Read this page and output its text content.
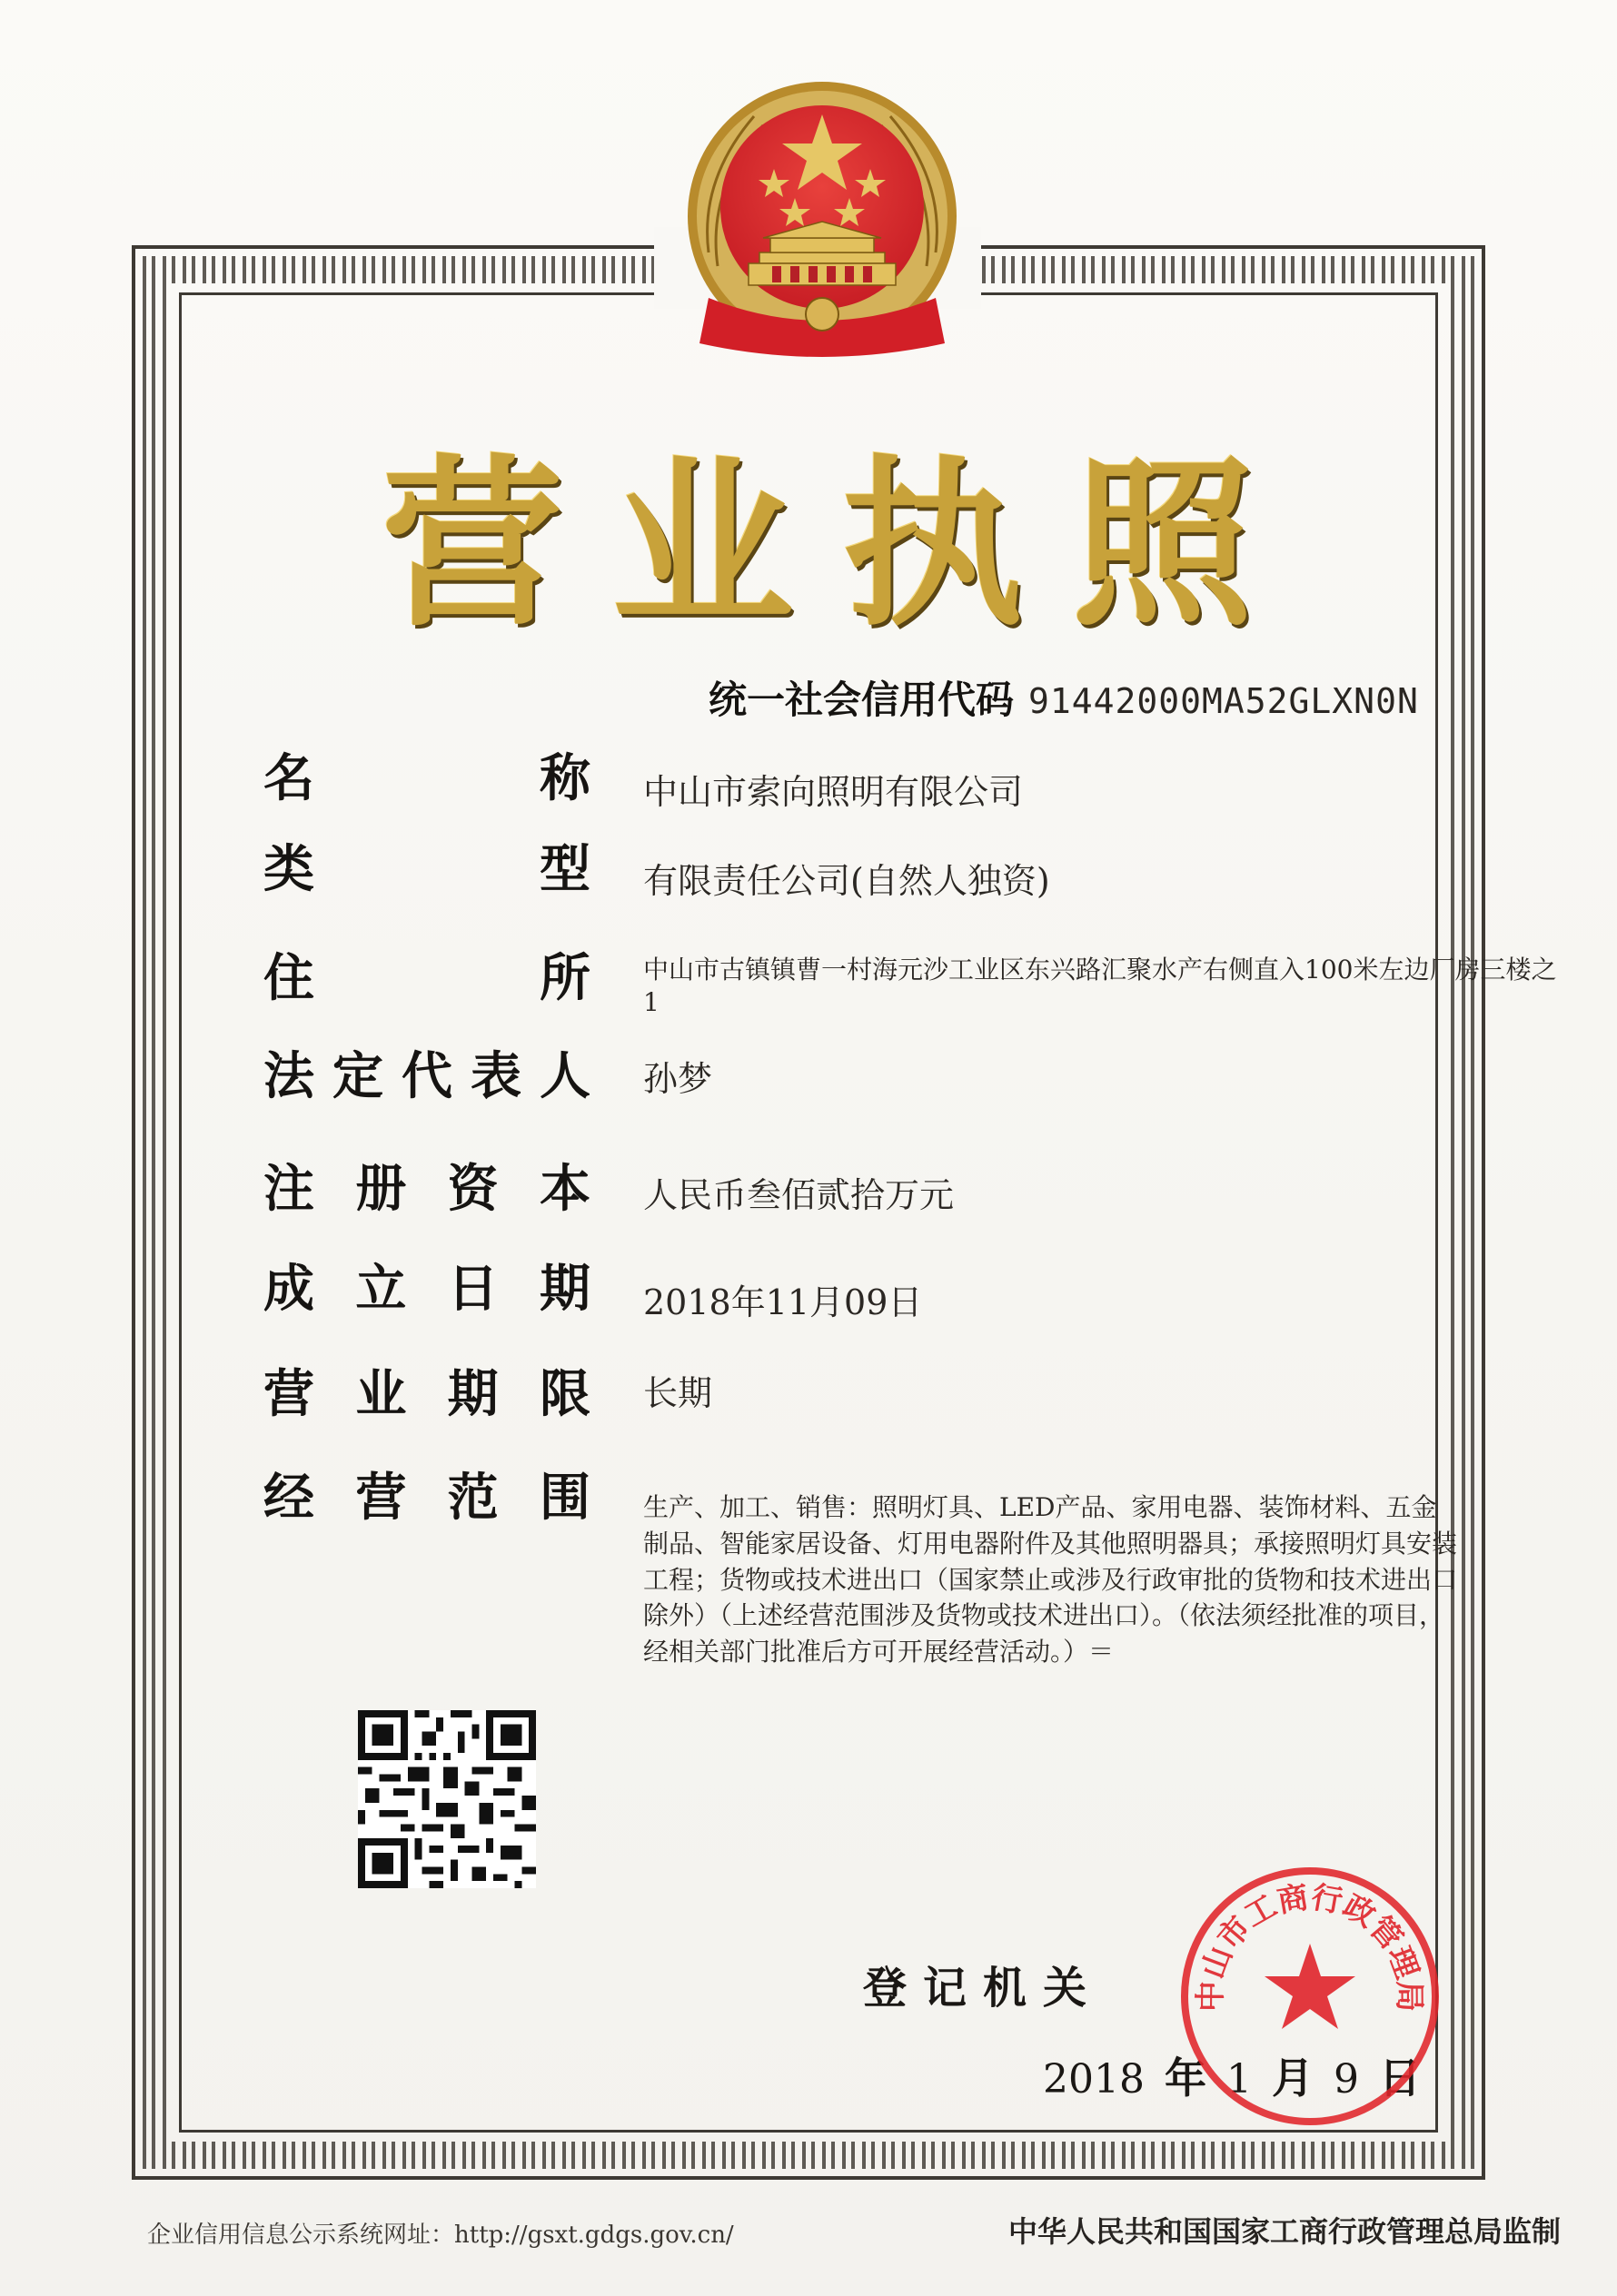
营 业 执 照
统一社会信用代码 91442000MA52GLXN0N
名称 中山市索向照明有限公司
类型 有限责任公司(自然人独资)
住所 中山市古镇镇曹一村海元沙工业区东兴路汇聚水产右侧直入100米左边厂房三楼之1
法定代表人 孙梦
注册资本 人民币叁佰贰拾万元
成立日期 2018年11月09日
营业期限 长期
经营范围 生产、加工、销售：照明灯具、LED产品、家用电器、装饰材料、五金制品、智能家居设备、灯用电器附件及其他照明器具；承接照明灯具安装工程；货物或技术进出口（国家禁止或涉及行政审批的货物和技术进出口除外）（上述经营范围涉及货物或技术进出口）。（依法须经批准的项目，经相关部门批准后方可开展经营活动。）＝
登记机关
2018 年 1 月 9 日
中山市工商行政管理局
企业信用信息公示系统网址：http://gsxt.gdgs.gov.cn/	中华人民共和国国家工商行政管理总局监制
